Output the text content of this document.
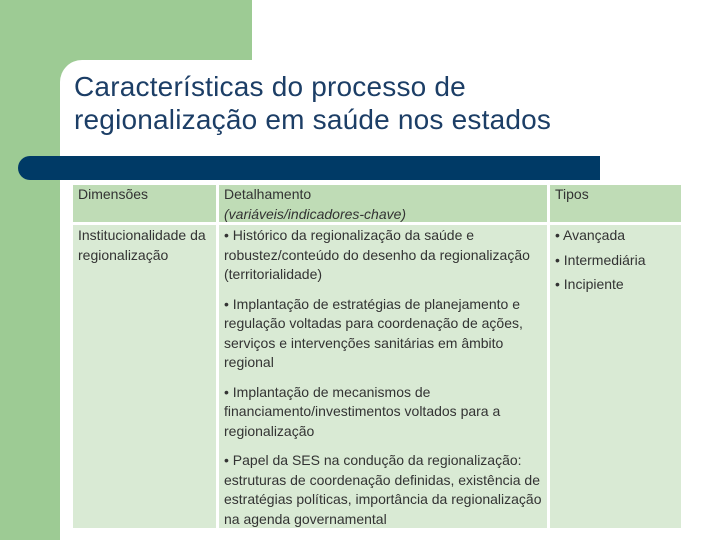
Características do processo de
regionalização em saúde nos estados
Dimensões	Detalhamento
(variáveis/indicadores-chave)
Tipos
Institucionalidade da regionalização

• Histórico da regionalização da saúde e robustez/conteúdo do desenho da regionalização (territorialidade)

• Implantação de estratégias de planejamento e regulação voltadas para coordenação de ações, serviços e intervenções sanitárias em âmbito regional

• Implantação de mecanismos de financiamento/investimentos voltados para a regionalização

• Papel da SES na condução da regionalização: estruturas de coordenação definidas, existência de estratégias políticas, importância da regionalização na agenda governamental

• Avançada

• Intermediária

• Incipiente
